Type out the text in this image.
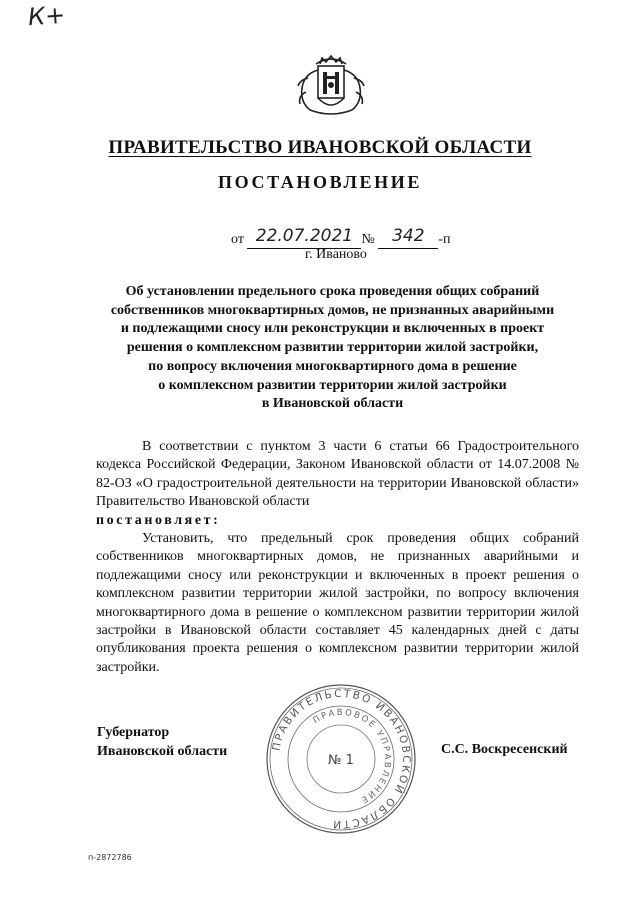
К+
ПРАВИТЕЛЬСТВО ИВАНОВСКОЙ ОБЛАСТИ
ПОСТАНОВЛЕНИЕ
от 22.07.2021 № 342 -п
г. Иваново
Об установлении предельного срока проведения общих собраний
собственников многоквартирных домов, не признанных аварийными
и подлежащими сносу или реконструкции и включенных в проект
решения о комплексном развитии территории жилой застройки,
по вопросу включения многоквартирного дома в решение
о комплексном развитии территории жилой застройки
в Ивановской области

В соответствии с пунктом 3 части 6 статьи 66 Градостроительного кодекса Российской Федерации, Законом Ивановской области от 14.07.2008 № 82-ОЗ «О градостроительной деятельности на территории Ивановской области» Правительство Ивановской области

постановляет:

Установить, что предельный срок проведения общих собраний собственников многоквартирных домов, не признанных аварийными и подлежащими сносу или реконструкции и включенных в проект решения о комплексном развитии территории жилой застройки, по вопросу включения многоквартирного дома в решение о комплексном развитии территории жилой застройки в Ивановской области составляет 45 календарных дней с даты опубликования проекта решения о комплексном развитии территории жилой застройки.

Губернатор
Ивановской области	ПРАВИТЕЛЬСТВО ИВАНОВСКОЙ ОБЛАСТИ
ПРАВОВОЕ УПРАВЛЕНИЕ
№ 1
С.С. Воскресенский
п-2872786
